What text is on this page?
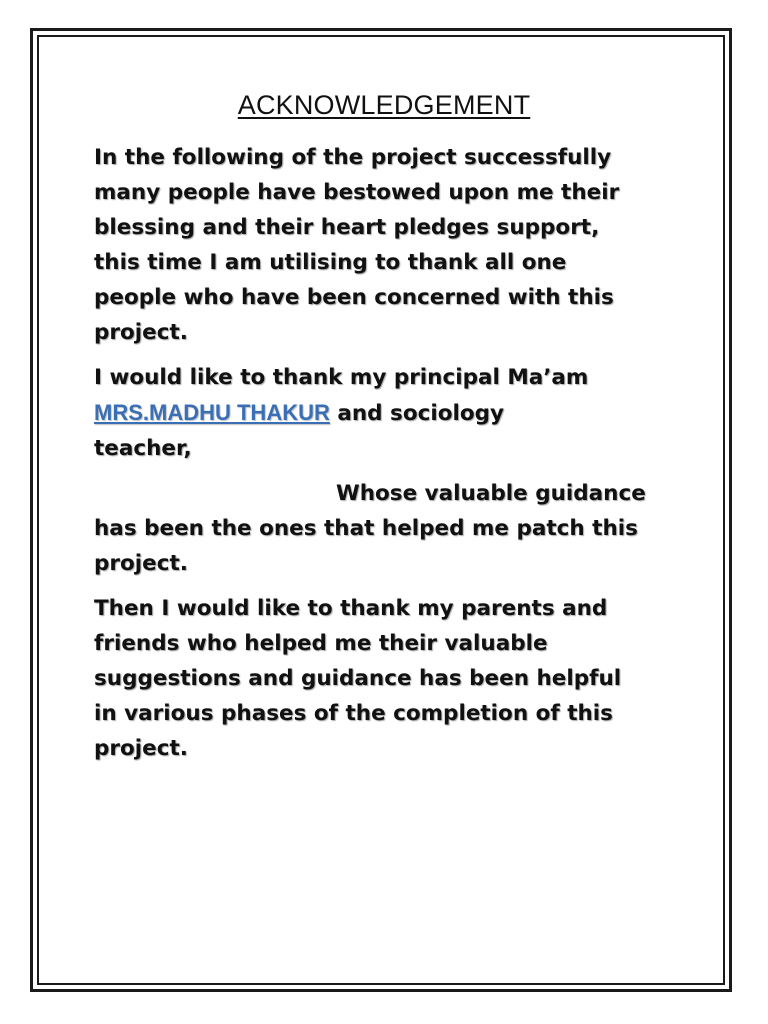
ACKNOWLEDGEMENT
In the following of the project successfully
many people have bestowed upon me their
blessing and their heart pledges support,
this time I am utilising to thank all one
people who have been concerned with this
project.
I would like to thank my principal Ma’am
MRS.MADHU THAKUR and sociology
teacher,
Whose valuable guidance
has been the ones that helped me patch this
project.
Then I would like to thank my parents and
friends who helped me their valuable
suggestions and guidance has been helpful
in various phases of the completion of this
project.
